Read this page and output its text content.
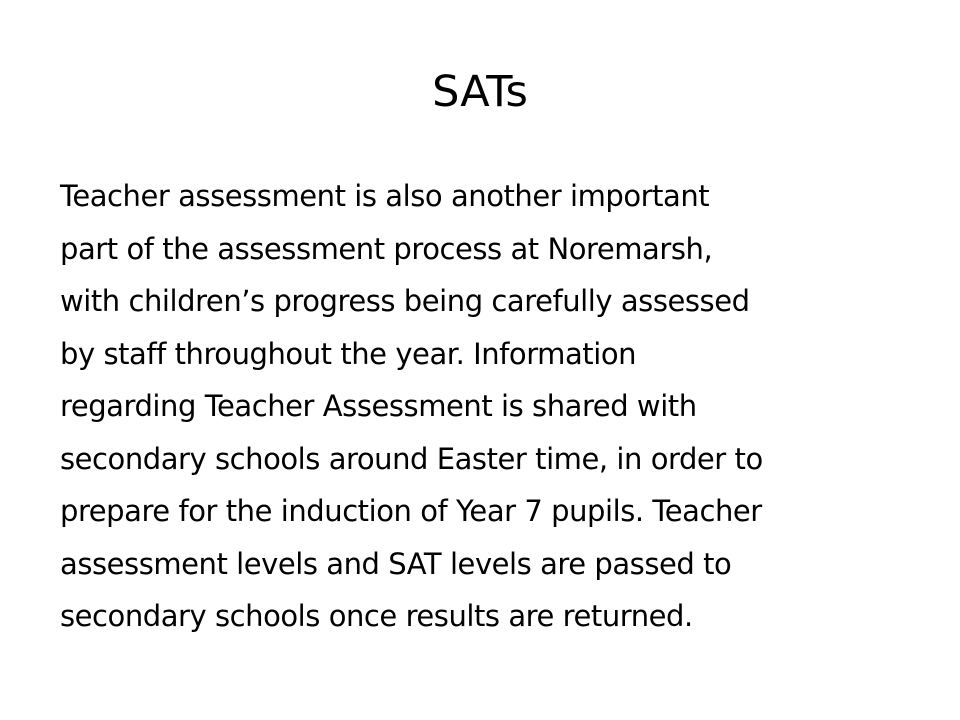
SATs
Teacher assessment is also another important
part of the assessment process at Noremarsh,
with children’s progress being carefully assessed
by staff throughout the year. Information
regarding Teacher Assessment is shared with
secondary schools around Easter time, in order to
prepare for the induction of Year 7 pupils. Teacher
assessment levels and SAT levels are passed to
secondary schools once results are returned.
